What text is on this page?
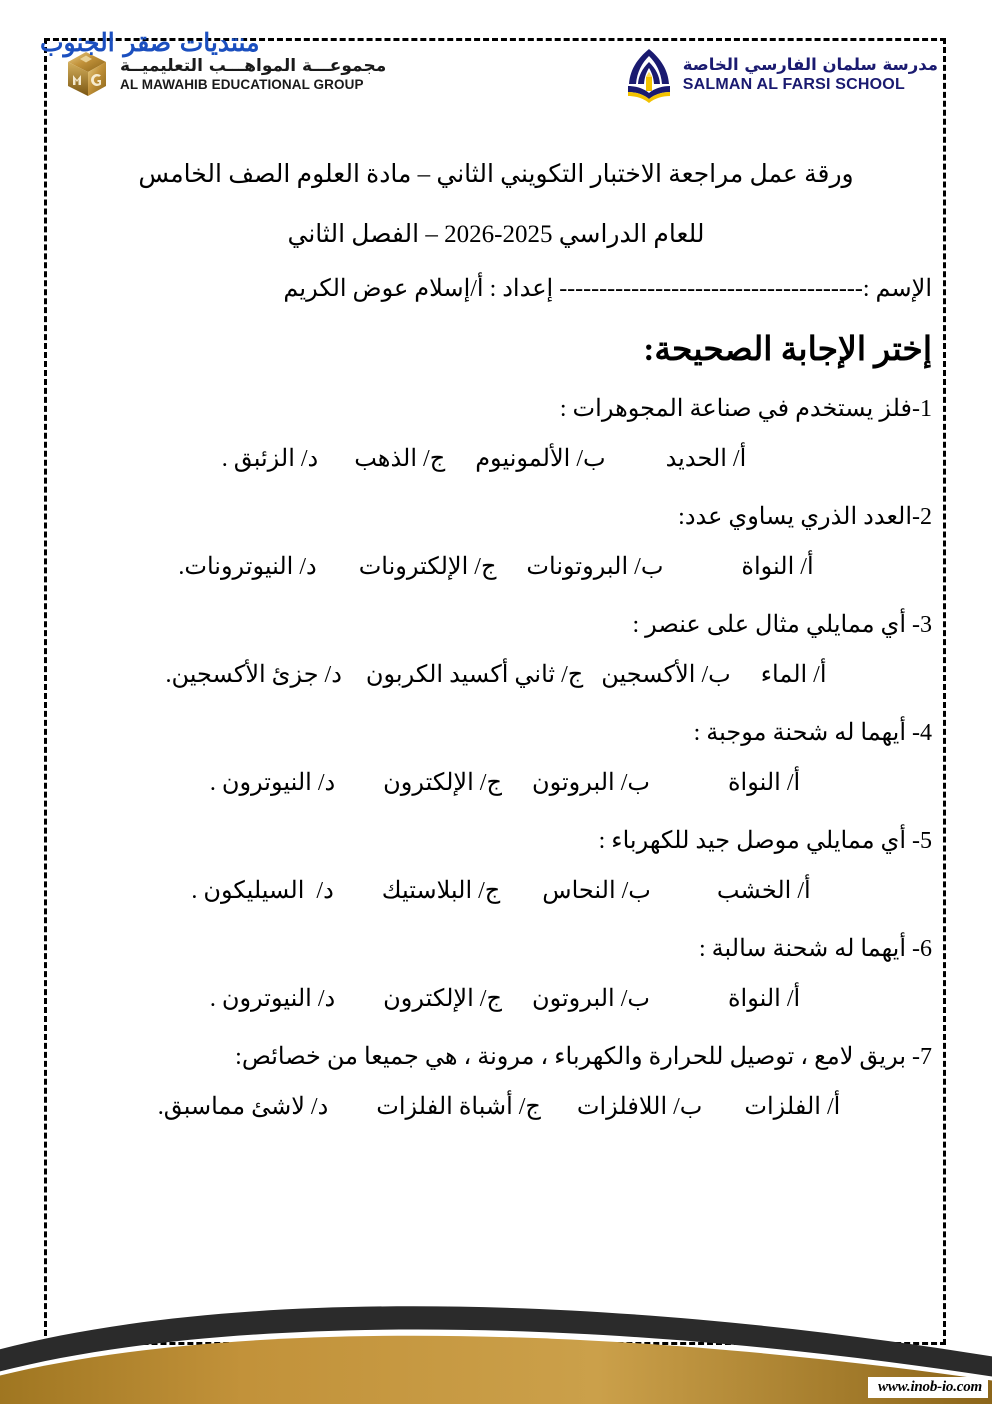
مجموعـــة المواهـــب التعليميــة
AL MAWAHIB EDUCATIONAL GROUP
مدرسة سلمان الفارسي الخاصة
SALMAN AL FARSI SCHOOL
منتديات صقر الجنوب
ورقة عمل مراجعة الاختبار التكويني الثاني – مادة العلوم الصف الخامس
للعام الدراسي 2025-2026 – الفصل الثاني
الإسم :-------------------------------------- إعداد : أ/إسلام عوض الكريم
إختر الإجابة الصحيحة:
1-فلز يستخدم في صناعة المجوهرات :
أ/ الحديد          ب/ الألمونيوم     ج/ الذهب      د/ الزئبق .
2-العدد الذري يساوي عدد:
أ/ النواة             ب/ البروتونات     ج/ الإلكترونات       د/ النيوترونات.
3- أي ممايلي مثال على عنصر :
أ/ الماء     ب/ الأكسجين   ج/ ثاني أكسيد الكربون    د/ جزئ الأكسجين.
4- أيهما له شحنة موجبة :
أ/ النواة             ب/ البروتون     ج/ الإلكترون        د/ النيوترون .
5- أي ممايلي موصل جيد للكهرباء :
أ/ الخشب           ب/ النحاس       ج/ البلاستيك        د/  السيليكون .
6- أيهما له شحنة سالبة :
أ/ النواة             ب/ البروتون     ج/ الإلكترون        د/ النيوترون .
7- بريق لامع ، توصيل للحرارة والكهرباء ، مرونة ، هي جميعا من خصائص:
أ/ الفلزات       ب/ اللافلزات      ج/ أشباة الفلزات        د/ لاشئ مماسبق.
www.inob-io.com
